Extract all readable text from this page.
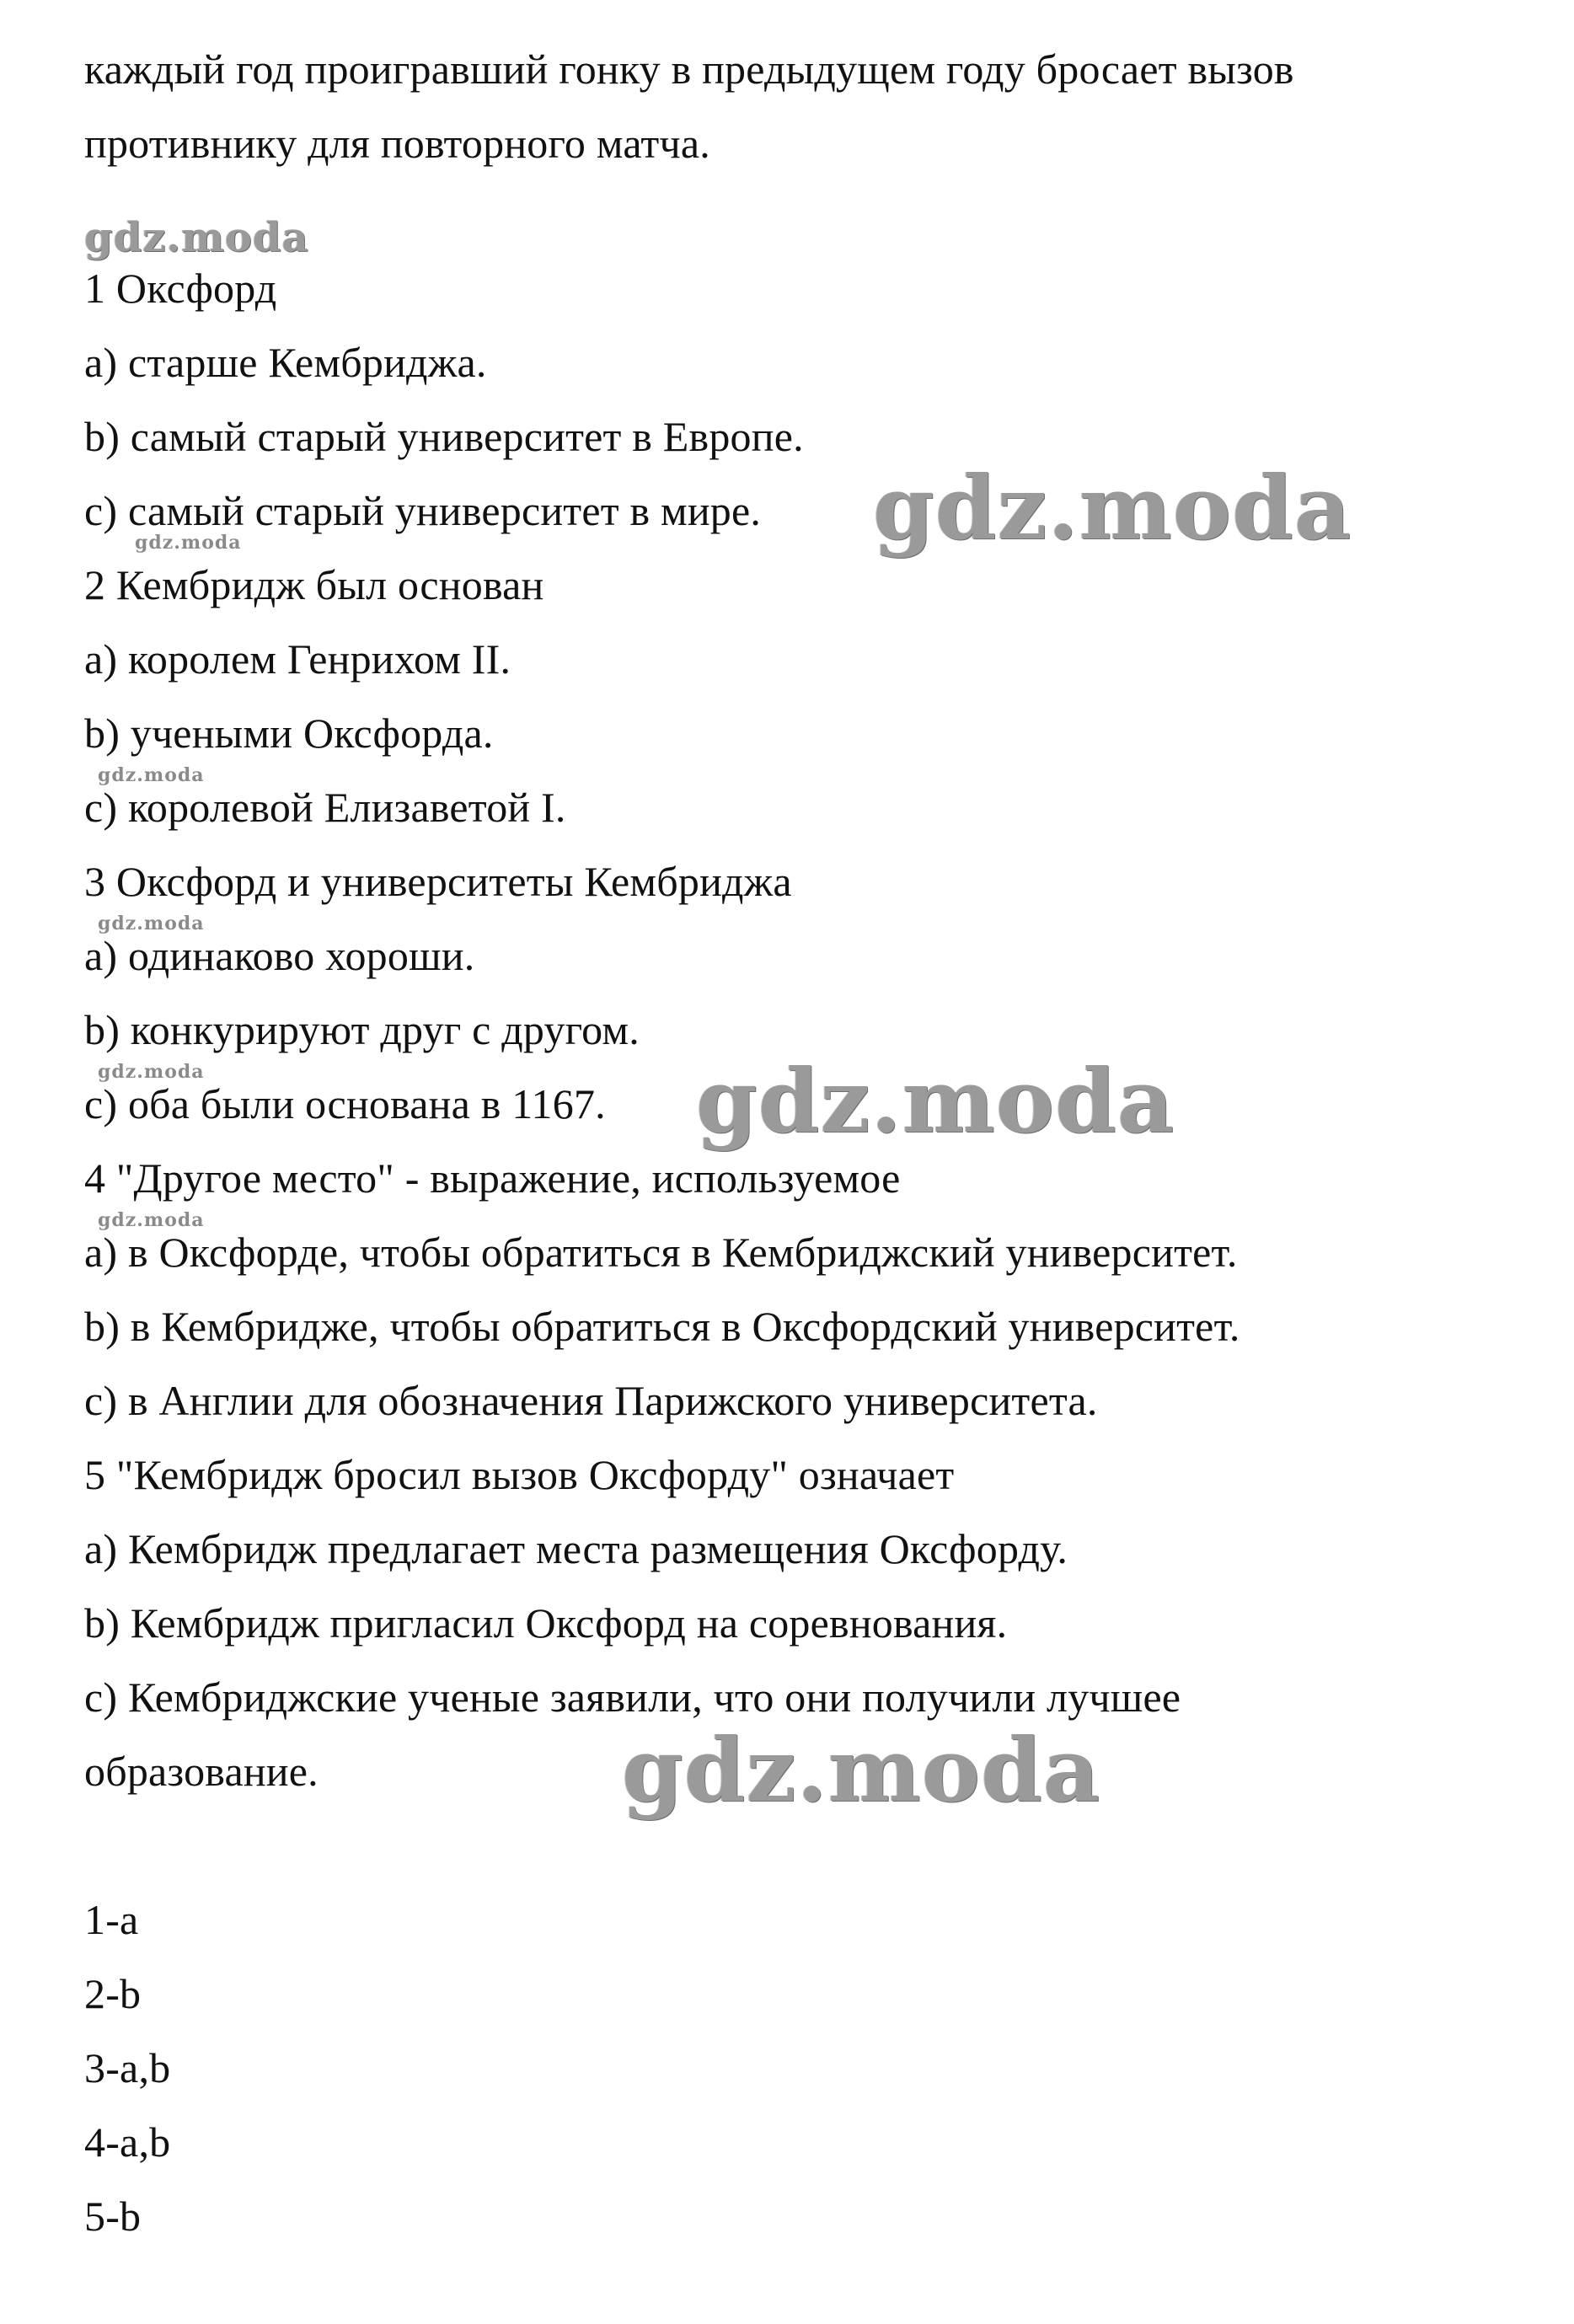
каждый год проигравший гонку в предыдущем году бросает вызов
противнику для повторного матча.
1 Оксфорд
a) старше Кембриджа.
b) самый старый университет в Европе.
c) самый старый университет в мире.
2 Кембридж был основан
a) королем Генрихом II.
b) учеными Оксфорда.
c) королевой Елизаветой I.
3 Оксфорд и университеты Кембриджа
a) одинаково хороши.
b) конкурируют друг с другом.
c) оба были основана в 1167.
4 "Другое место" - выражение, используемое
a) в Оксфорде, чтобы обратиться в Кембриджский университет.
b) в Кембридже, чтобы обратиться в Оксфордский университет.
c) в Англии для обозначения Парижского университета.
5 "Кембридж бросил вызов Оксфорду" означает
a) Кембридж предлагает места размещения Оксфорду.
b) Кембридж пригласил Оксфорд на соревнования.
c) Кембриджские ученые заявили, что они получили лучшее
образование.
1-a
2-b
3-a,b
4-a,b
5-b
gdz.moda
gdz.moda
gdz.moda
gdz.moda
gdz.moda
gdz.moda	gdz.moda
gdz.moda
gdz.moda
